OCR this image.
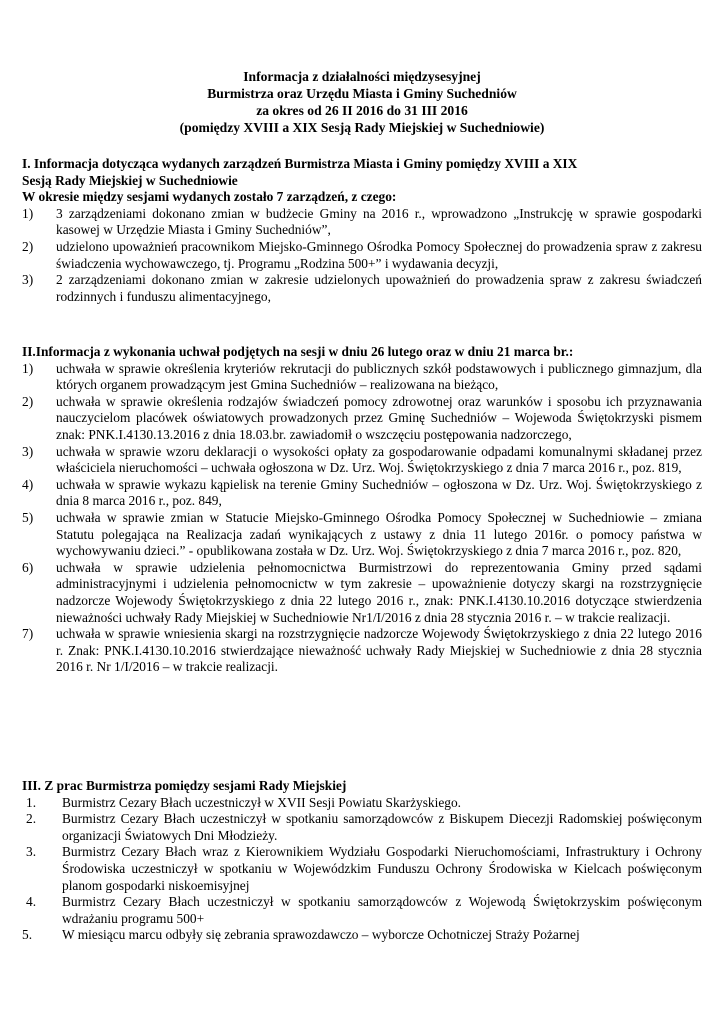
Informacja z działalności międzysesyjnej
Burmistrza oraz Urzędu Miasta i Gminy Suchedniów
za okres od 26 II 2016 do 31 III 2016
(pomiędzy XVIII a XIX Sesją Rady Miejskiej w Suchedniowie)
I. Informacja dotycząca wydanych zarządzeń Burmistrza Miasta i Gminy pomiędzy XVIII a XIX
Sesją Rady Miejskiej w Suchedniowie
W okresie między sesjami wydanych zostało 7 zarządzeń, z czego:
1)	3 zarządzeniami dokonano zmian w budżecie Gminy na 2016 r., wprowadzono „Instrukcję w sprawie gospodarki kasowej w Urzędzie Miasta i Gminy Suchedniów”,
2)	udzielono upoważnień pracownikom Miejsko-Gminnego Ośrodka Pomocy Społecznej do prowadzenia spraw z zakresu świadczenia wychowawczego, tj. Programu „Rodzina 500+” i wydawania decyzji,
3)	2 zarządzeniami dokonano zmian w zakresie udzielonych upoważnień do prowadzenia spraw z zakresu świadczeń rodzinnych i funduszu alimentacyjnego,
II.Informacja z wykonania uchwał podjętych na sesji w dniu 26 lutego oraz w dniu 21 marca br.:
1)	uchwała w sprawie określenia kryteriów rekrutacji do publicznych szkół podstawowych i publicznego gimnazjum, dla których organem prowadzącym jest Gmina Suchedniów – realizowana na bieżąco,
2)	uchwała w sprawie określenia rodzajów świadczeń pomocy zdrowotnej oraz warunków i sposobu ich przyznawania nauczycielom placówek oświatowych prowadzonych przez Gminę Suchedniów – Wojewoda Świętokrzyski pismem znak: PNK.I.4130.13.2016 z dnia 18.03.br. zawiadomił o wszczęciu postępowania nadzorczego,
3)	uchwała w sprawie wzoru deklaracji o wysokości opłaty za gospodarowanie odpadami komunalnymi składanej przez właściciela nieruchomości – uchwała ogłoszona w Dz. Urz. Woj. Świętokrzyskiego z dnia 7 marca 2016 r., poz. 819,
4)	uchwała w sprawie wykazu kąpielisk na terenie Gminy Suchedniów – ogłoszona w Dz. Urz. Woj. Świętokrzyskiego z dnia 8 marca 2016 r., poz. 849,
5)	uchwała w sprawie zmian w Statucie Miejsko-Gminnego Ośrodka Pomocy Społecznej w Suchedniowie – zmiana Statutu polegająca na Realizacja zadań wynikających z ustawy z dnia 11 lutego 2016r. o pomocy państwa w wychowywaniu dzieci.” - opublikowana została w Dz. Urz. Woj. Świętokrzyskiego z dnia 7 marca 2016 r., poz. 820,
6)	uchwała w sprawie udzielenia pełnomocnictwa Burmistrzowi do reprezentowania Gminy przed sądami administracyjnymi i udzielenia pełnomocnictw w tym zakresie – upoważnienie dotyczy skargi na rozstrzygnięcie nadzorcze Wojewody Świętokrzyskiego z dnia 22 lutego 2016 r., znak: PNK.I.4130.10.2016 dotyczące stwierdzenia nieważności uchwały Rady Miejskiej w Suchedniowie Nr1/I/2016 z dnia 28 stycznia 2016 r. – w trakcie realizacji.
7)	uchwała w sprawie wniesienia skargi na rozstrzygnięcie nadzorcze Wojewody Świętokrzyskiego z dnia 22 lutego 2016 r. Znak: PNK.I.4130.10.2016 stwierdzające nieważność uchwały Rady Miejskiej w Suchedniowie z dnia 28 stycznia 2016 r. Nr 1/I/2016 – w trakcie realizacji.
III. Z prac Burmistrza pomiędzy sesjami Rady Miejskiej
1.	Burmistrz Cezary Błach uczestniczył w XVII Sesji Powiatu Skarżyskiego.
2.	Burmistrz Cezary Błach uczestniczył w spotkaniu samorządowców z Biskupem Diecezji Radomskiej poświęconym organizacji Światowych Dni Młodzieży.
3.	Burmistrz Cezary Błach wraz z Kierownikiem Wydziału Gospodarki Nieruchomościami, Infrastruktury i Ochrony Środowiska uczestniczył w spotkaniu w Wojewódzkim Funduszu Ochrony Środowiska w Kielcach poświęconym planom gospodarki niskoemisyjnej
4.	Burmistrz Cezary Błach uczestniczył w spotkaniu samorządowców z Wojewodą Świętokrzyskim poświęconym wdrażaniu programu 500+
5.	W miesiącu marcu odbyły się zebrania sprawozdawczo – wyborcze Ochotniczej Straży Pożarnej
